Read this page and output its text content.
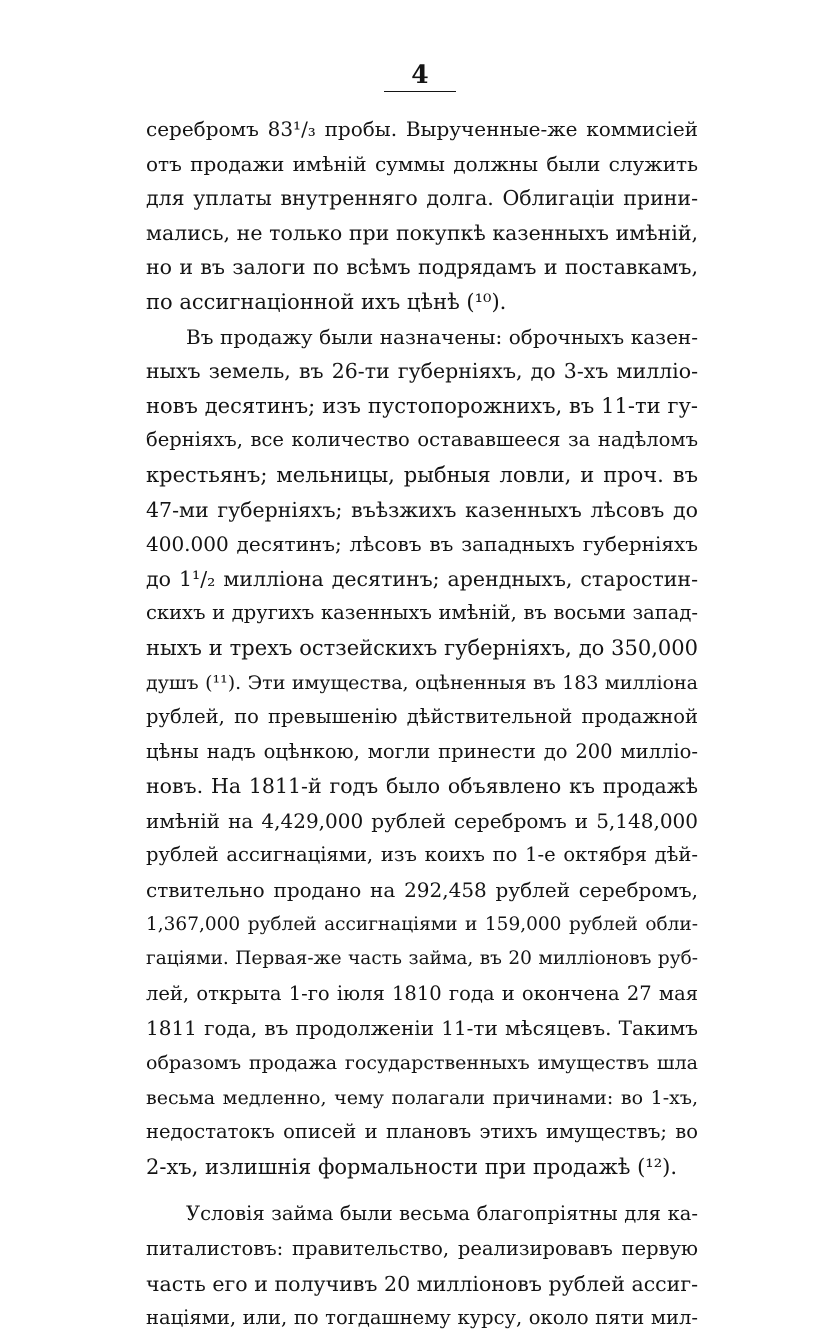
4
серебромъ 83¹/₃ пробы. Вырученные-же коммисіей
отъ продажи имѣній суммы должны были служить
для уплаты внутренняго долга. Облигаціи прини-
мались, не только при покупкѣ казенныхъ имѣній,
но и въ залоги по всѣмъ подрядамъ и поставкамъ,
по ассигнаціонной ихъ цѣнѣ (¹⁰).
Въ продажу были назначены: оброчныхъ казен-
ныхъ земель, въ 26-ти губерніяхъ, до 3-хъ милліо-
новъ десятинъ; изъ пустопорожнихъ, въ 11-ти гу-
берніяхъ, все количество остававшееся за надѣломъ
крестьянъ; мельницы, рыбныя ловли, и проч. въ
47-ми губерніяхъ; въѣзжихъ казенныхъ лѣсовъ до
400.000 десятинъ; лѣсовъ въ западныхъ губерніяхъ
до 1¹/₂ милліона десятинъ; арендныхъ, старостин-
скихъ и другихъ казенныхъ имѣній, въ восьми запад-
ныхъ и трехъ остзейскихъ губерніяхъ, до 350,000
душъ (¹¹). Эти имущества, оцѣненныя въ 183 милліона
рублей, по превышенію дѣйствительной продажной
цѣны надъ оцѣнкою, могли принести до 200 милліо-
новъ. На 1811-й годъ было объявлено къ продажѣ
имѣній на 4,429,000 рублей серебромъ и 5,148,000
рублей ассигнаціями, изъ коихъ по 1-е октября дѣй-
ствительно продано на 292,458 рублей серебромъ,
1,367,000 рублей ассигнаціями и 159,000 рублей обли-
гаціями. Первая-же часть займа, въ 20 милліоновъ руб-
лей, открыта 1-го іюля 1810 года и окончена 27 мая
1811 года, въ продолженіи 11-ти мѣсяцевъ. Такимъ
образомъ продажа государственныхъ имуществъ шла
весьма медленно, чему полагали причинами: во 1-хъ,
недостатокъ описей и плановъ этихъ имуществъ; во
2-хъ, излишнія формальности при продажѣ (¹²).
Условія займа были весьма благопріятны для ка-
питалистовъ: правительство, реализировавъ первую
часть его и получивъ 20 милліоновъ рублей ассиг-
націями, или, по тогдашнему курсу, около пяти мил-
